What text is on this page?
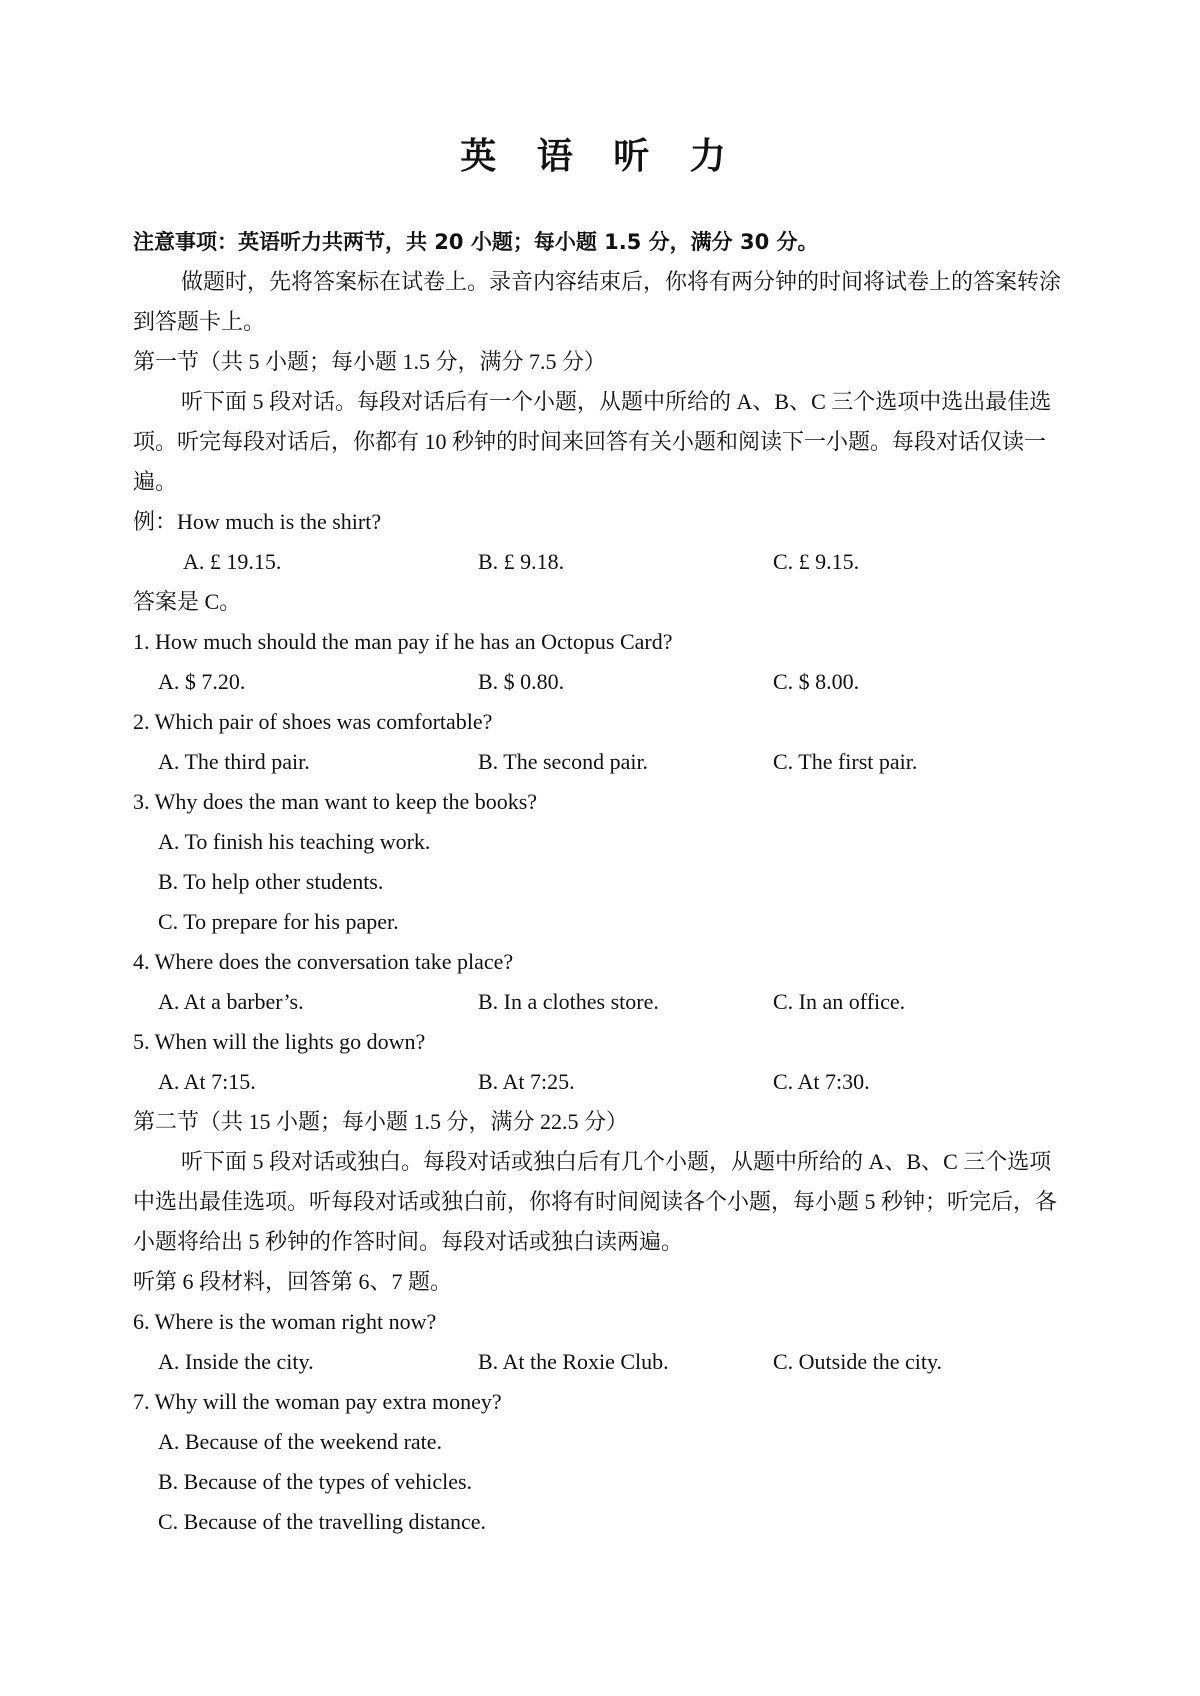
英 语 听 力

注意事项：英语听力共两节，共 20 小题；每小题 1.5 分，满分 30 分。

做题时，先将答案标在试卷上。录音内容结束后，你将有两分钟的时间将试卷上的答案转涂到答题卡上。

第一节（共 5 小题；每小题 1.5 分，满分 7.5 分）

听下面 5 段对话。每段对话后有一个小题，从题中所给的 A、B、C 三个选项中选出最佳选项。听完每段对话后，你都有 10 秒钟的时间来回答有关小题和阅读下一小题。每段对话仅读一遍。

例：How much is the shirt?

A. £ 19.15.	B. £ 9.18.	C. £ 9.15.

答案是 C。

1. How much should the man pay if he has an Octopus Card?

A. $ 7.20.	B. $ 0.80.	C. $ 8.00.

2. Which pair of shoes was comfortable?

A. The third pair.	B. The second pair.	C. The first pair.

3. Why does the man want to keep the books?

A. To finish his teaching work.

B. To help other students.

C. To prepare for his paper.

4. Where does the conversation take place?

A. At a barber’s.	B. In a clothes store.	C. In an office.

5. When will the lights go down?

A. At 7:15.	B. At 7:25.	C. At 7:30.

第二节（共 15 小题；每小题 1.5 分，满分 22.5 分）

听下面 5 段对话或独白。每段对话或独白后有几个小题，从题中所给的 A、B、C 三个选项中选出最佳选项。听每段对话或独白前，你将有时间阅读各个小题，每小题 5 秒钟；听完后，各小题将给出 5 秒钟的作答时间。每段对话或独白读两遍。

听第 6 段材料，回答第 6、7 题。

6. Where is the woman right now?

A. Inside the city.	B. At the Roxie Club.	C. Outside the city.

7. Why will the woman pay extra money?

A. Because of the weekend rate.

B. Because of the types of vehicles.

C. Because of the travelling distance.
